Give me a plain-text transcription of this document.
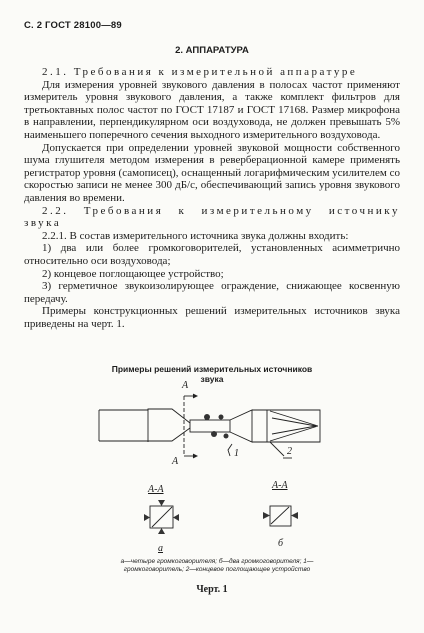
С. 2 ГОСТ 28100—89
2. АППАРАТУРА

2.1. Требования к измерительной аппаратуре

Для измерения уровней звукового давления в полосах частот применяют измеритель уровня звукового давления, а также комплект фильтров для третьоктавных полос частот по ГОСТ 17187 и ГОСТ 17168. Размер микрофона в направлении, перпендикулярном оси воздуховода, не должен превышать 5% наименьшего поперечного сечения выходного измерительного воздуховода.

Допускается при определении уровней звуковой мощности собственного шума глушителя методом измерения в реверберационной камере применять регистратор уровня (самописец), оснащенный логарифмическим усилителем со скоростью записи не менее 300 дБ/с, обеспечивающий запись уровня звукового давления во времени.

2.2. Требования к измерительному источнику звука

2.2.1. В состав измерительного источника звука должны входить:

1) два или более громкоговорителей, установленных асимметрично относительно оси воздуховода;

2) концевое поглощающее устройство;

3) герметичное звукоизолирующее ограждение, снижающее косвенную передачу.

Примеры конструкционных решений измерительных источников звука приведены на черт. 1.

Примеры решений измерительных источников
звука
А
А
1	2
А-А	А-А
а	б
а—четыре громкоговорителя; б—два громкоговорителя; 1—громкоговоритель; 2—концевое поглощающее устройство
Черт. 1
